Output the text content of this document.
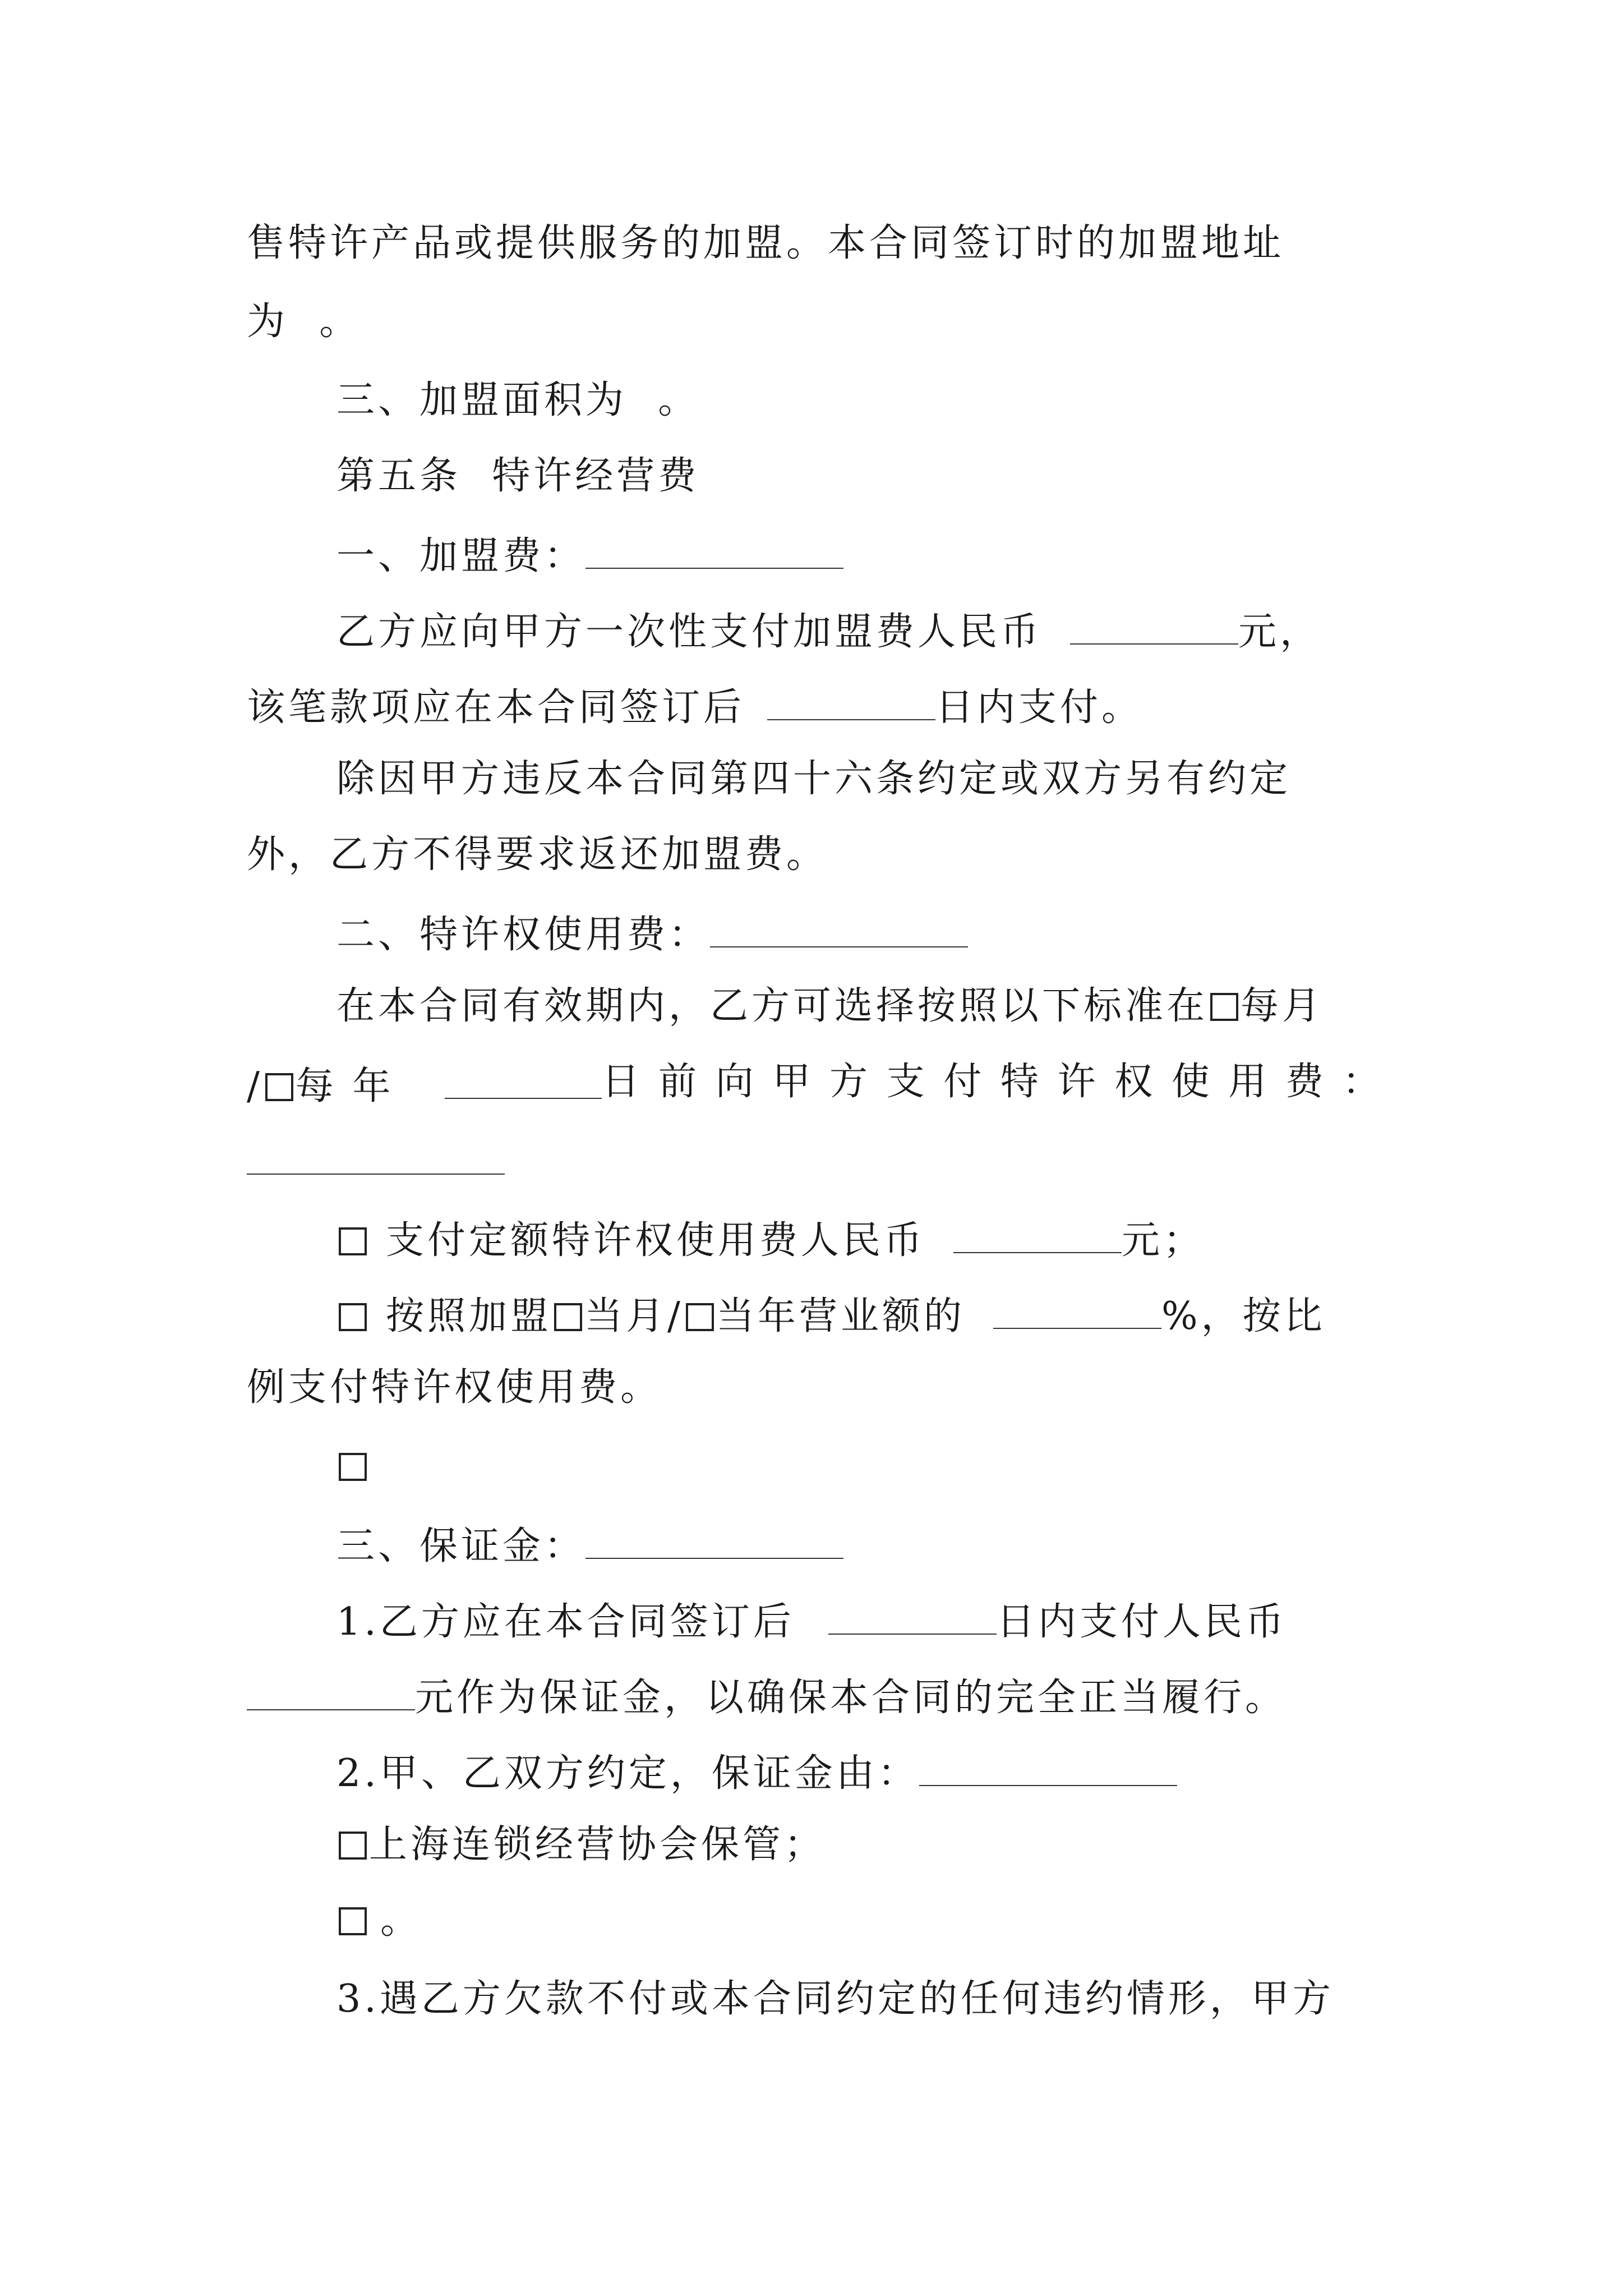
售特许产品或提供服务的加盟。本合同签订时的加盟地址
为  。
三、加盟面积为  。
第五条  特许经营费
一、加盟费：
乙方应向甲方一次性支付加盟费人民币	元，
该笔款项应在本合同签订后	日内支付。
除因甲方违反本合同第四十六条约定或双方另有约定
外，乙方不得要求返还加盟费。
二、特许权使用费：
在本合同有效期内，乙方可选择按照以下标准在 每月
/ 每 年	日 前 向 甲 方 支 付 特 许 权 使 用 费 ：
支付定额特许权使用费人民币	元；
按照加盟 当月/ 当年营业额的	%，按比
例支付特许权使用费。
三、保证金：
1.乙方应在本合同签订后	日内支付人民币
元作为保证金，以确保本合同的完全正当履行。
2.甲、乙双方约定，保证金由：
上海连锁经营协会保管；
。
3.遇乙方欠款不付或本合同约定的任何违约情形，甲方
